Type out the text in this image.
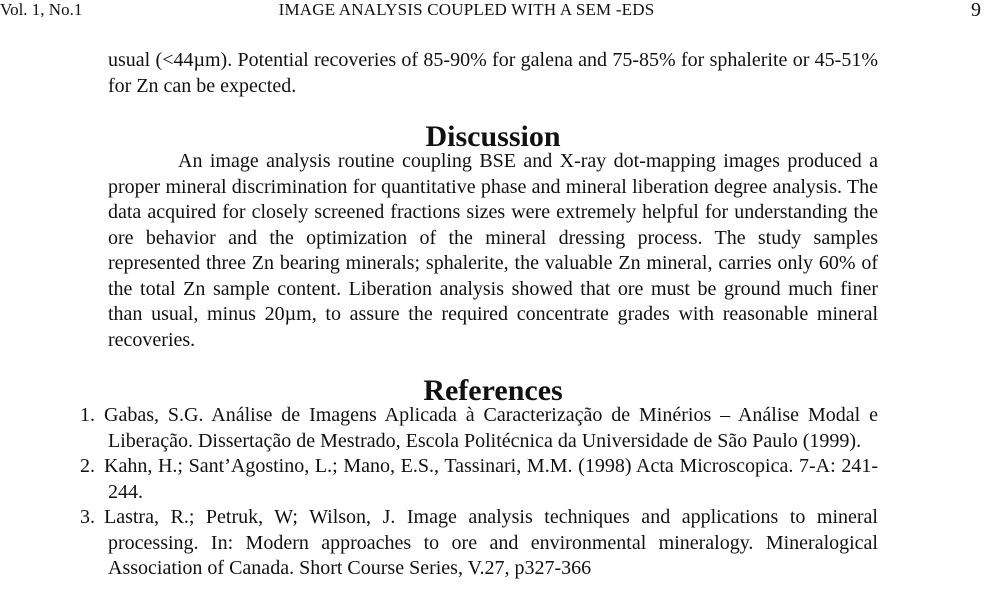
Vol. 1, No.1	IMAGE ANALYSIS COUPLED WITH A SEM -EDS	9

usual (<44µm). Potential recoveries of 85-90% for galena and 75-85% for sphalerite or 45-51% for Zn can be expected.

Discussion

An image analysis routine coupling BSE and X-ray dot-mapping images produced a proper mineral discrimination for quantitative phase and mineral liberation degree analysis. The data acquired for closely screened fractions sizes were extremely helpful for understanding the ore behavior and the optimization of the mineral dressing process. The study samples represented three Zn bearing minerals; sphalerite, the valuable Zn mineral, carries only 60% of the total Zn sample content. Liberation analysis showed that ore must be ground much finer than usual, minus 20µm, to assure the required concentrate grades with reasonable mineral recoveries.

References
1. Gabas, S.G. Análise de Imagens Aplicada à Caracterização de Minérios – Análise Modal e Liberação. Dissertação de Mestrado, Escola Politécnica da Universidade de São Paulo (1999).
2. Kahn, H.; Sant’Agostino, L.; Mano, E.S., Tassinari, M.M. (1998) Acta Microscopica. 7-A: 241-244.
3. Lastra, R.; Petruk, W; Wilson, J. Image analysis techniques and applications to mineral processing. In: Modern approaches to ore and environmental mineralogy. Mineralogical Association of Canada. Short Course Series, V.27, p327-366
